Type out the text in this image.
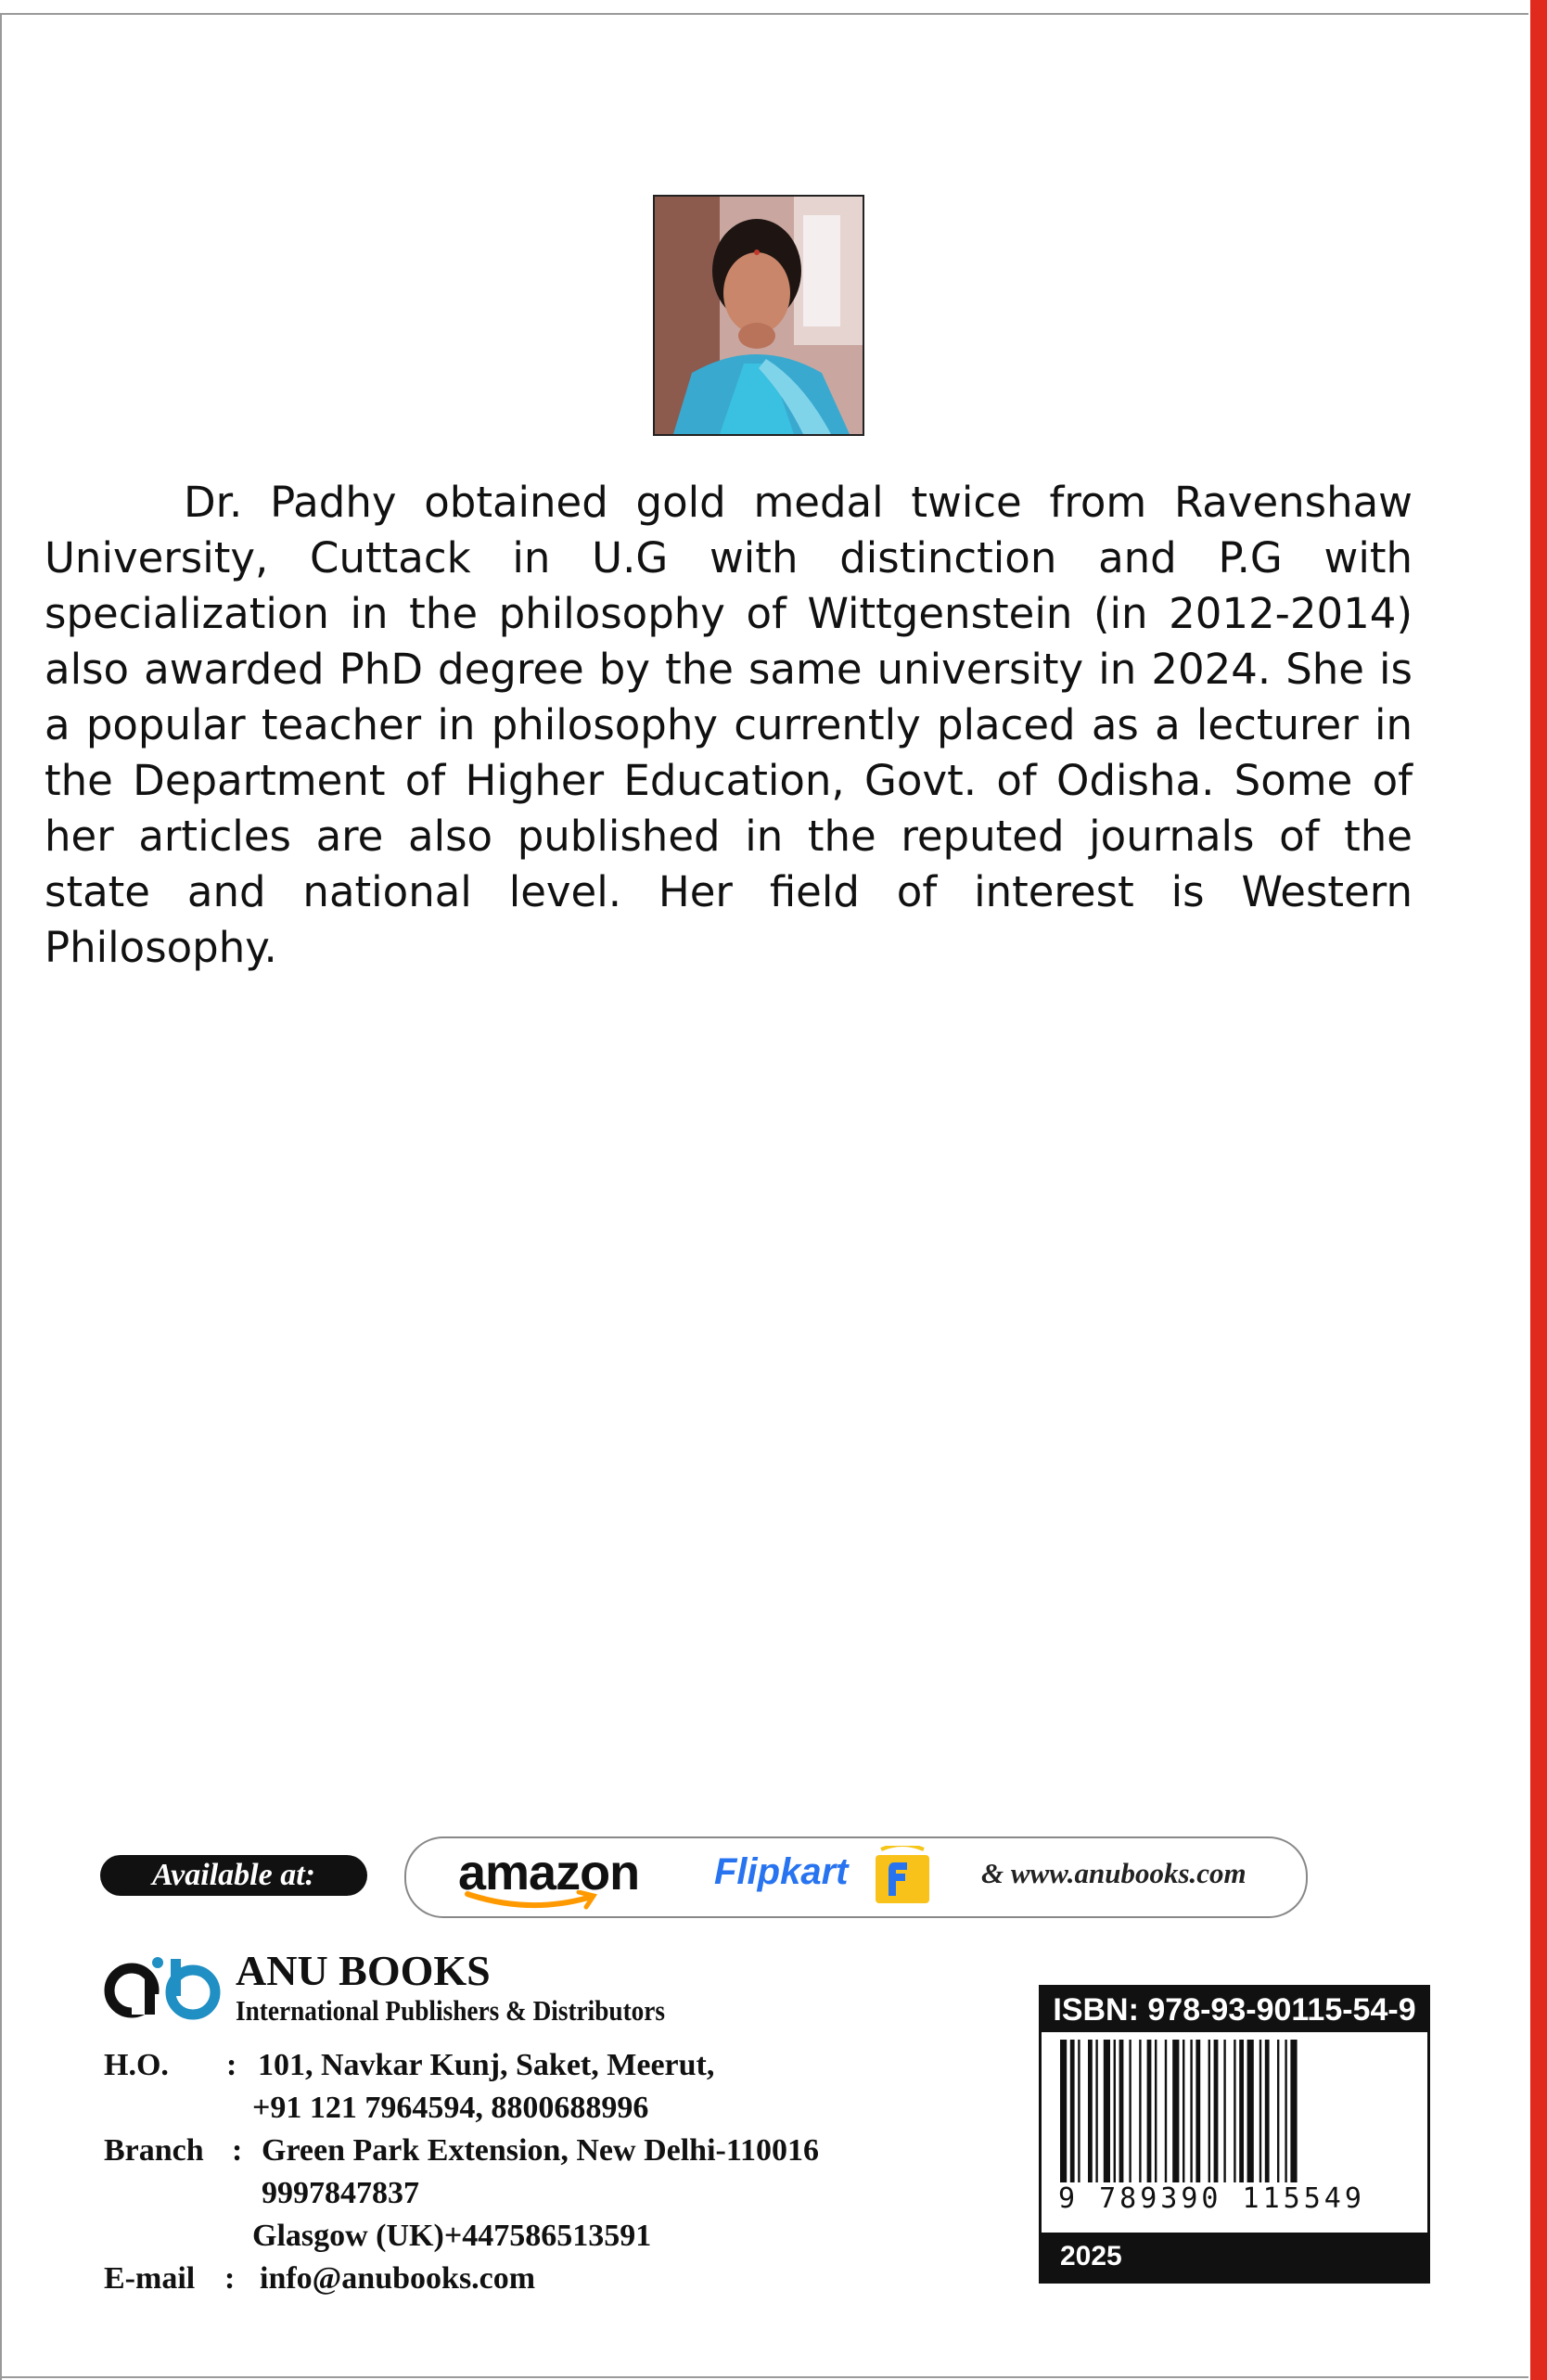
Dr. Padhy obtained gold medal twice from Ravenshaw University, Cuttack in U.G with distinction and P.G with specialization in the philosophy of Wittgenstein (in 2012-2014) also awarded PhD degree by the same university in 2024. She is a popular teacher in philosophy currently placed as a lecturer in the Department of Higher Education, Govt. of Odisha. Some of her articles are also published in the reputed journals of the state and national level. Her field of interest is Western Philosophy.

Available at:	amazon Flipkart	& www.anubooks.com
ANU BOOKS
International Publishers & Distributors
H.O. : 101, Navkar Kunj, Saket, Meerut,
+91 121 7964594, 8800688996
Branch : Green Park Extension, New Delhi-110016
9997847837
Glasgow (UK)+447586513591
E-mail : info@anubooks.com
ISBN: 978-93-90115-54-9
9 789390 115549
2025
